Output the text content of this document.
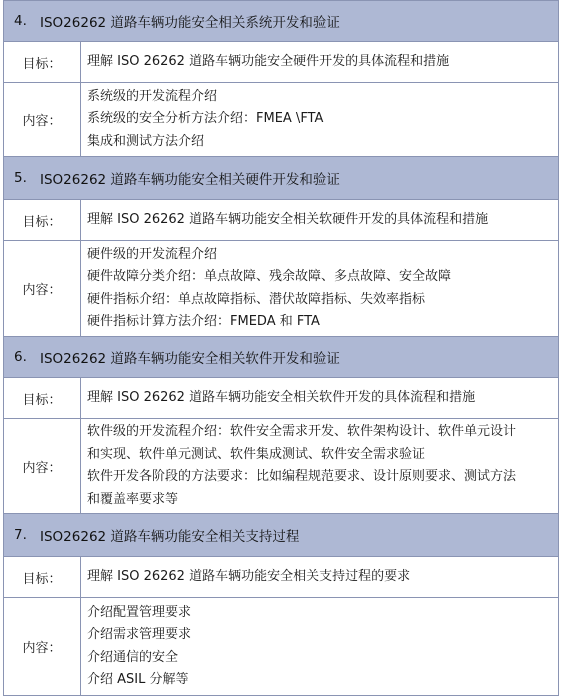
4. ISO26262 道路车辆功能安全相关系统开发和验证
目标：	理解 ISO 26262 道路车辆功能安全硬件开发的具体流程和措施
内容：
系统级的开发流程介绍
系统级的安全分析方法介绍：FMEA \FTA
集成和测试方法介绍
5. ISO26262 道路车辆功能安全相关硬件开发和验证
目标：	理解 ISO 26262 道路车辆功能安全相关软硬件开发的具体流程和措施
内容：
硬件级的开发流程介绍
硬件故障分类介绍：单点故障、残余故障、多点故障、安全故障
硬件指标介绍：单点故障指标、潜伏故障指标、失效率指标
硬件指标计算方法介绍：FMEDA 和 FTA
6. ISO26262 道路车辆功能安全相关软件开发和验证
目标：	理解 ISO 26262 道路车辆功能安全相关软件开发的具体流程和措施
内容：
软件级的开发流程介绍：软件安全需求开发、软件架构设计、软件单元设计
和实现、软件单元测试、软件集成测试、软件安全需求验证
软件开发各阶段的方法要求：比如编程规范要求、设计原则要求、测试方法
和覆盖率要求等
7. ISO26262 道路车辆功能安全相关支持过程
目标：	理解 ISO 26262 道路车辆功能安全相关支持过程的要求
内容：
介绍配置管理要求
介绍需求管理要求
介绍通信的安全
介绍 ASIL 分解等
